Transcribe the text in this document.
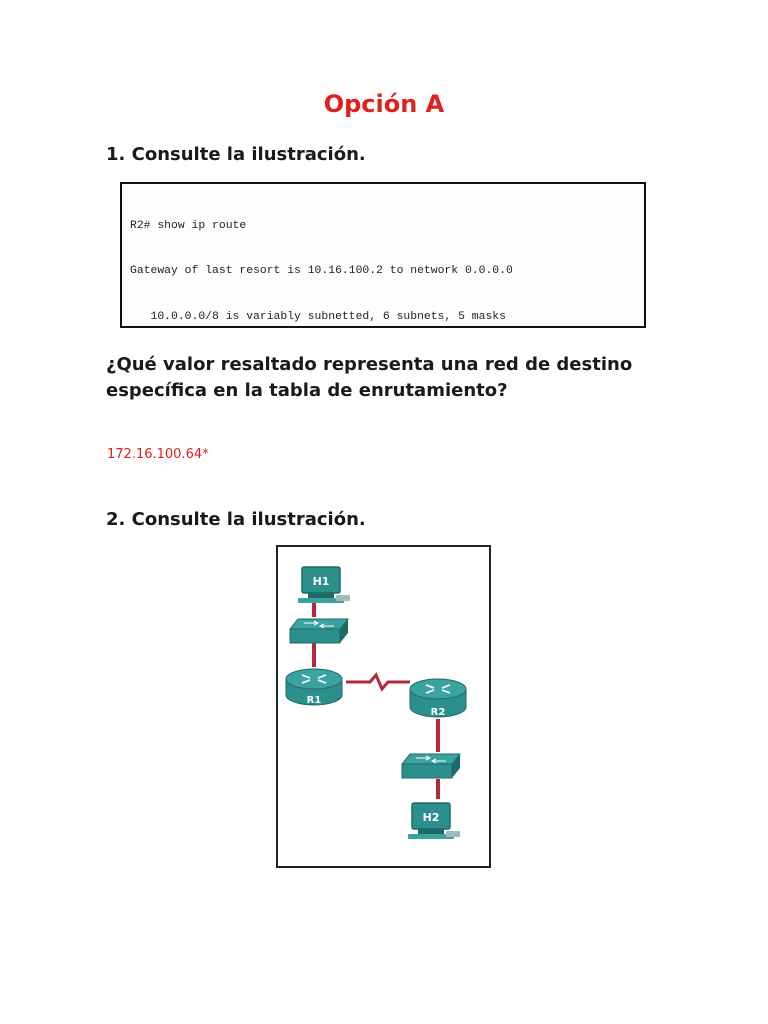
Opción A
1. Consulte la ilustración.

R2# show ip route

Gateway of last resort is 10.16.100.2 to network 0.0.0.0

10.0.0.0/8 is variably subnetted, 6 subnets, 5 masks

¿Qué valor resaltado representa una red de destino específica en la tabla de enrutamiento?
172.16.100.64*
2. Consulte la ilustración.
H1
R1
R2
H2
